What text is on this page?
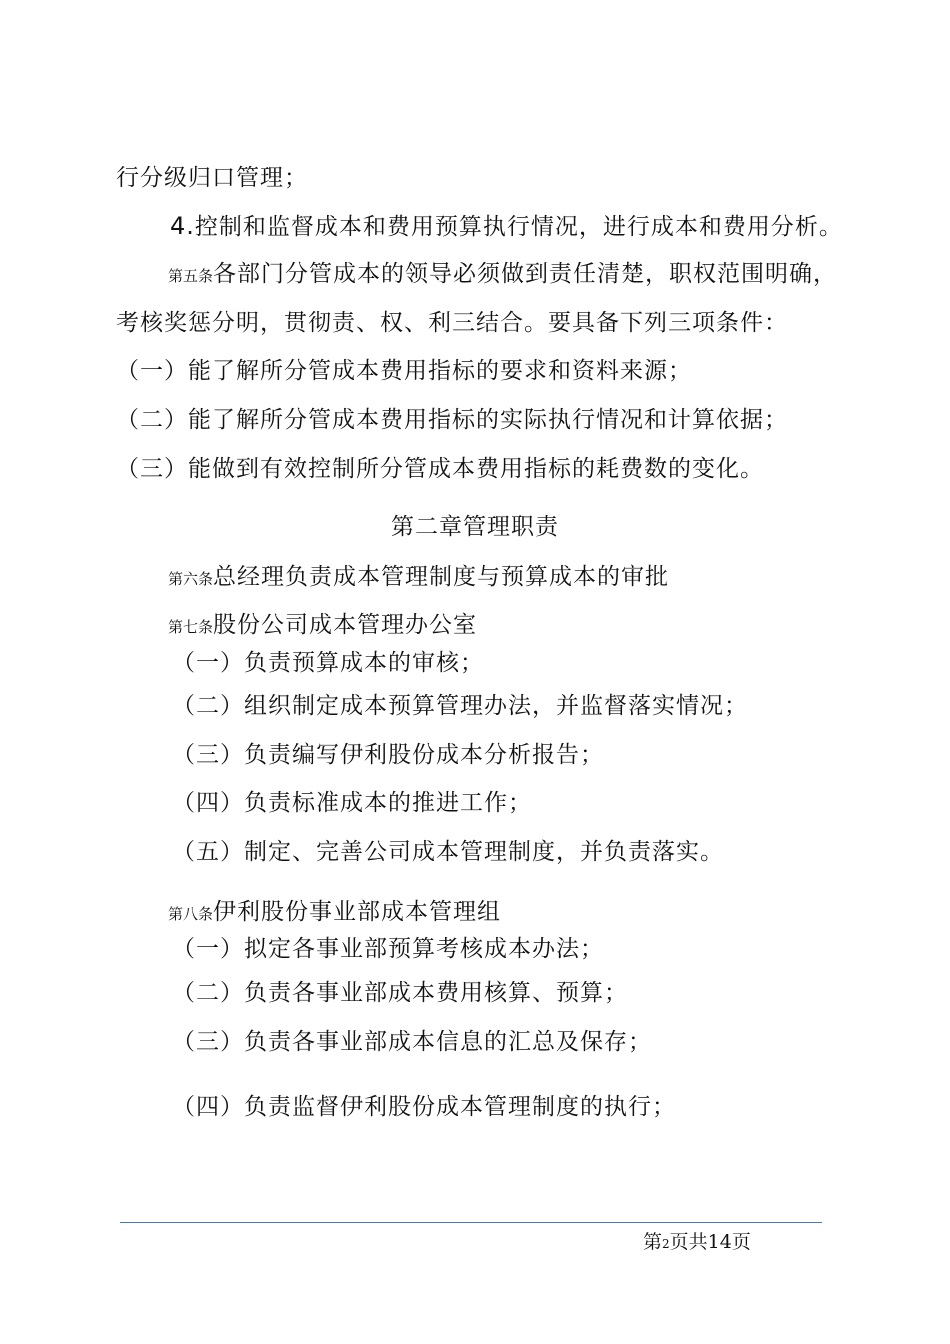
行分级归口管理；
4.控制和监督成本和费用预算执行情况，进行成本和费用分析。
第五条各部门分管成本的领导必须做到责任清楚，职权范围明确，
考核奖惩分明，贯彻责、权、利三结合。要具备下列三项条件：
（一）能了解所分管成本费用指标的要求和资料来源；
（二）能了解所分管成本费用指标的实际执行情况和计算依据；
（三）能做到有效控制所分管成本费用指标的耗费数的变化。
第二章管理职责
第六条总经理负责成本管理制度与预算成本的审批
第七条股份公司成本管理办公室
（一）负责预算成本的审核；
（二）组织制定成本预算管理办法，并监督落实情况；
（三）负责编写伊利股份成本分析报告；
（四）负责标准成本的推进工作；
（五）制定、完善公司成本管理制度，并负责落实。
第八条伊利股份事业部成本管理组
（一）拟定各事业部预算考核成本办法；
（二）负责各事业部成本费用核算、预算；
（三）负责各事业部成本信息的汇总及保存；
（四）负责监督伊利股份成本管理制度的执行；
第2页共14页
